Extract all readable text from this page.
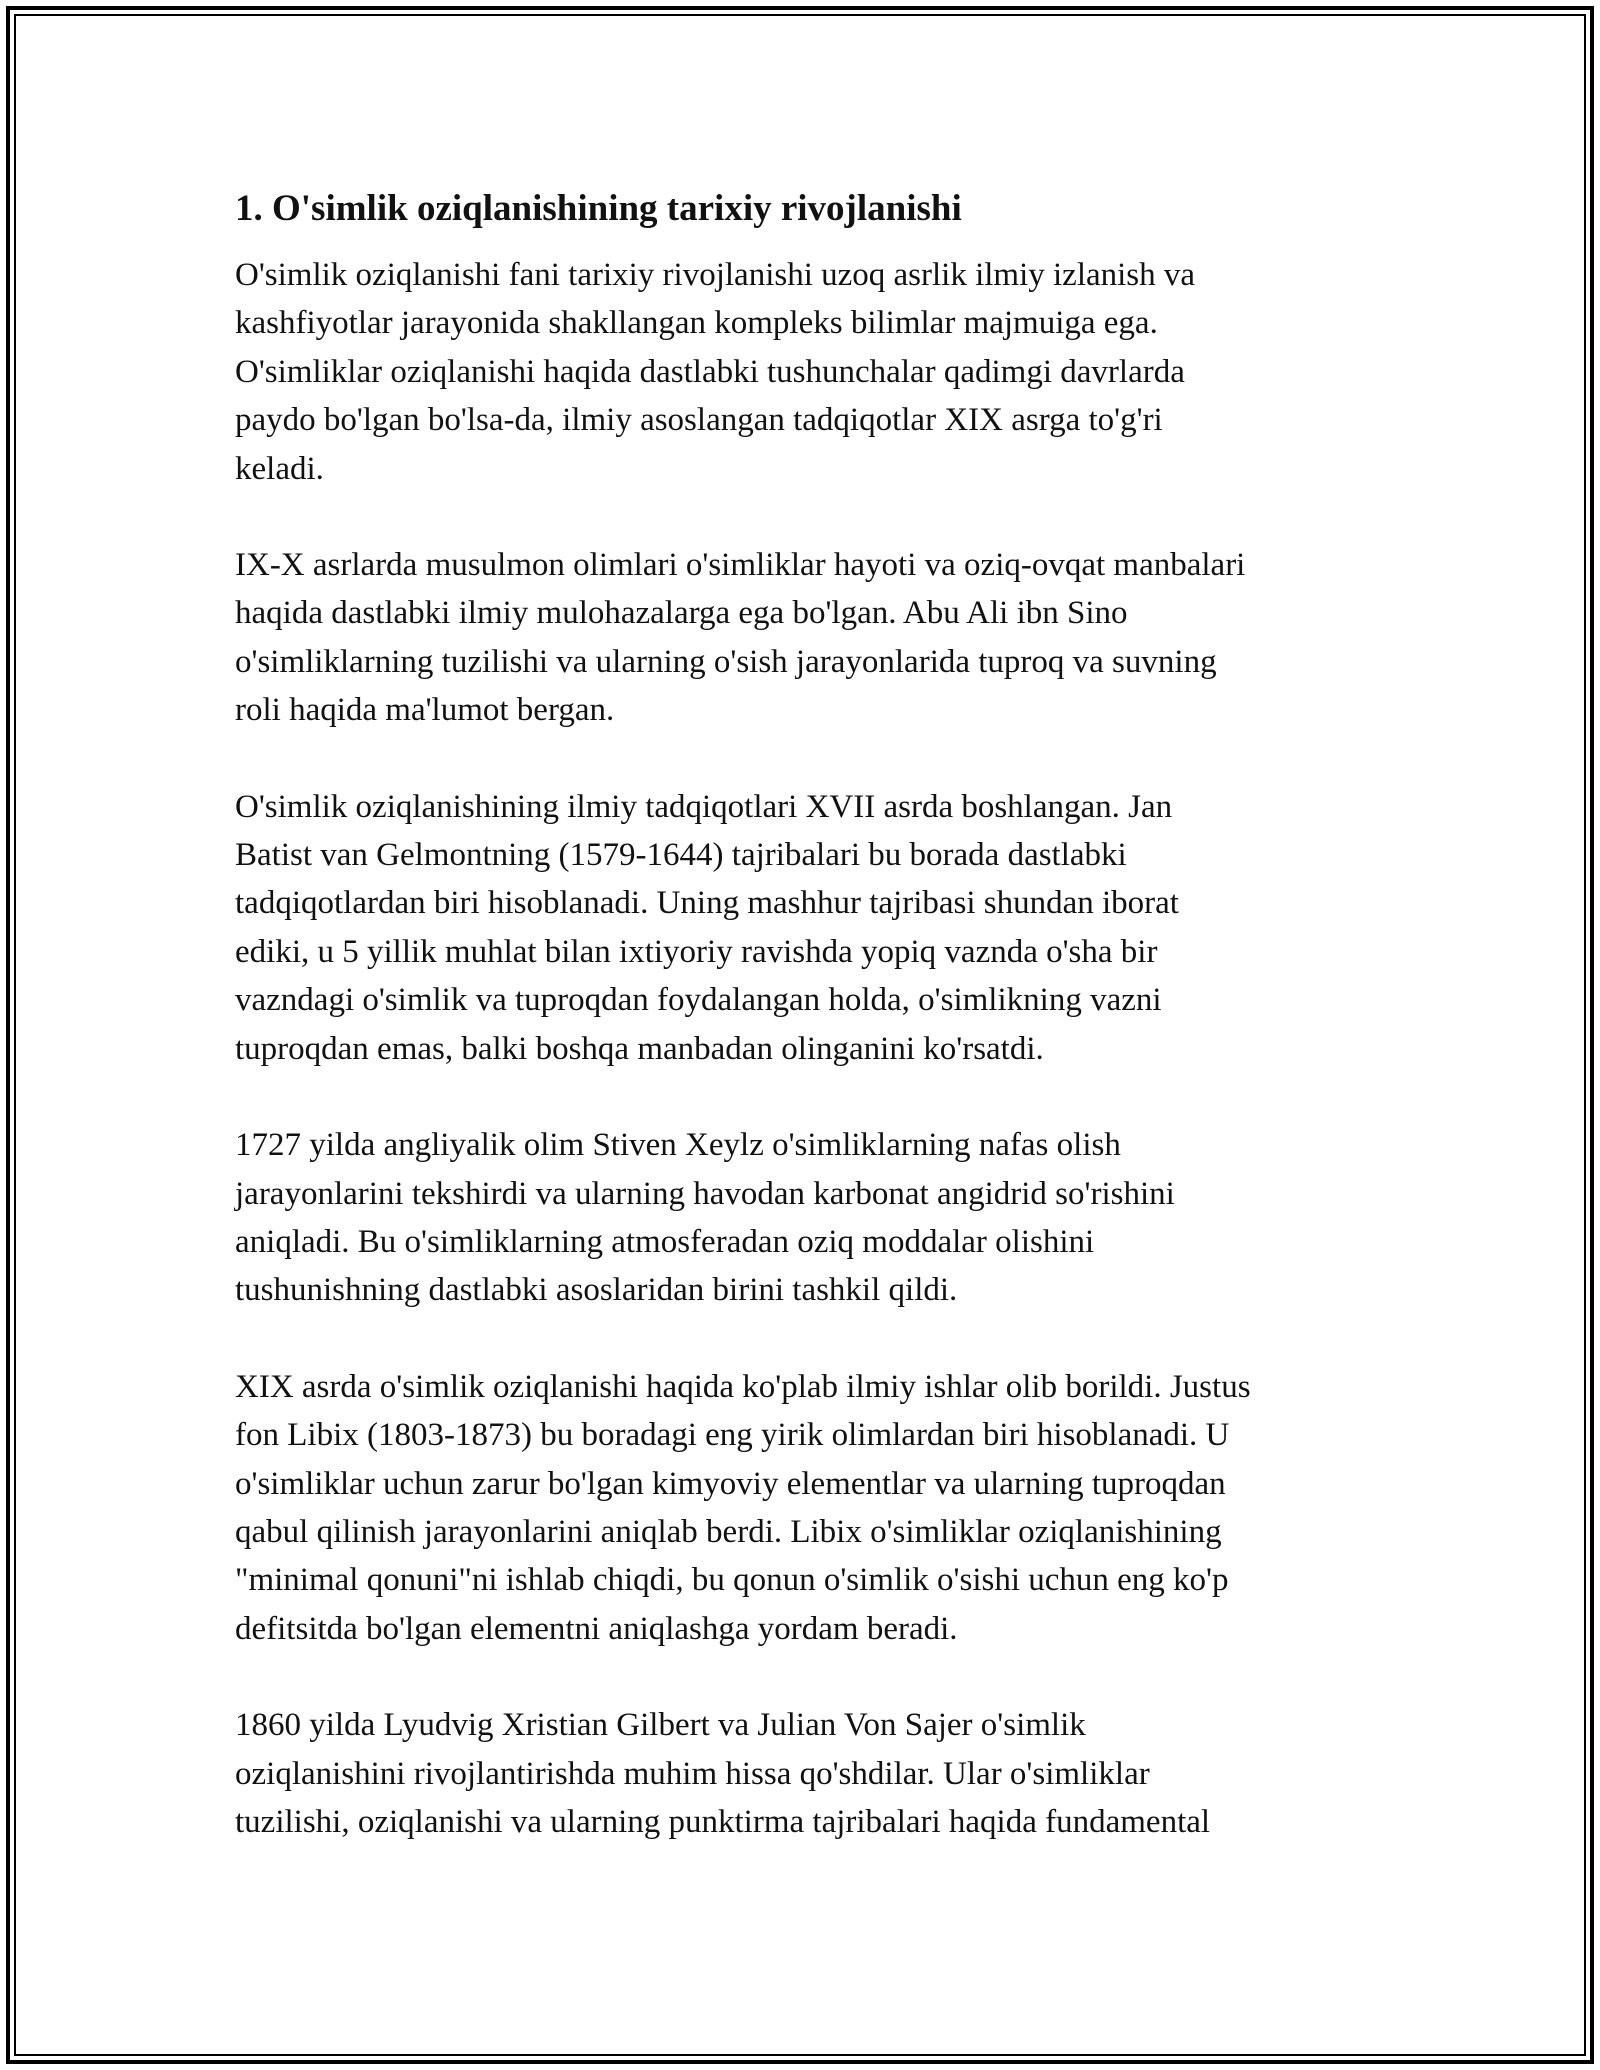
1. O'simlik oziqlanishining tarixiy rivojlanishi

O'simlik oziqlanishi fani tarixiy rivojlanishi uzoq asrlik ilmiy izlanish va
kashfiyotlar jarayonida shakllangan kompleks bilimlar majmuiga ega.
O'simliklar oziqlanishi haqida dastlabki tushunchalar qadimgi davrlarda
paydo bo'lgan bo'lsa-da, ilmiy asoslangan tadqiqotlar XIX asrga to'g'ri
keladi.

IX-X asrlarda musulmon olimlari o'simliklar hayoti va oziq-ovqat manbalari
haqida dastlabki ilmiy mulohazalarga ega bo'lgan. Abu Ali ibn Sino
o'simliklarning tuzilishi va ularning o'sish jarayonlarida tuproq va suvning
roli haqida ma'lumot bergan.

O'simlik oziqlanishining ilmiy tadqiqotlari XVII asrda boshlangan. Jan
Batist van Gelmontning (1579-1644) tajribalari bu borada dastlabki
tadqiqotlardan biri hisoblanadi. Uning mashhur tajribasi shundan iborat
ediki, u 5 yillik muhlat bilan ixtiyoriy ravishda yopiq vaznda o'sha bir
vazndagi o'simlik va tuproqdan foydalangan holda, o'simlikning vazni
tuproqdan emas, balki boshqa manbadan olinganini ko'rsatdi.

1727 yilda angliyalik olim Stiven Xeylz o'simliklarning nafas olish
jarayonlarini tekshirdi va ularning havodan karbonat angidrid so'rishini
aniqladi. Bu o'simliklarning atmosferadan oziq moddalar olishini
tushunishning dastlabki asoslaridan birini tashkil qildi.

XIX asrda o'simlik oziqlanishi haqida ko'plab ilmiy ishlar olib borildi. Justus
fon Libix (1803-1873) bu boradagi eng yirik olimlardan biri hisoblanadi. U
o'simliklar uchun zarur bo'lgan kimyoviy elementlar va ularning tuproqdan
qabul qilinish jarayonlarini aniqlab berdi. Libix o'simliklar oziqlanishining
"minimal qonuni"ni ishlab chiqdi, bu qonun o'simlik o'sishi uchun eng ko'p
defitsitda bo'lgan elementni aniqlashga yordam beradi.

1860 yilda Lyudvig Xristian Gilbert va Julian Von Sajer o'simlik
oziqlanishini rivojlantirishda muhim hissa qo'shdilar. Ular o'simliklar
tuzilishi, oziqlanishi va ularning punktirma tajribalari haqida fundamental
